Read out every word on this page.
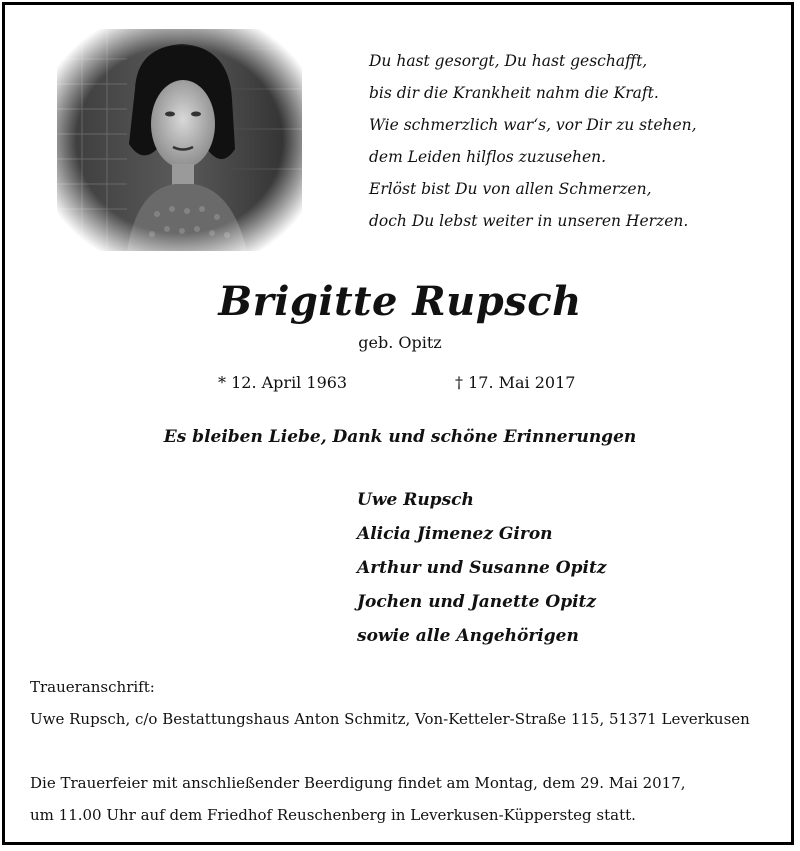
Du hast gesorgt, Du hast geschafft,
bis dir die Krankheit nahm die Kraft.
Wie schmerzlich war‘s, vor Dir zu stehen,
dem Leiden hilflos zuzusehen.
Erlöst bist Du von allen Schmerzen,
doch Du lebst weiter in unseren Herzen.
Brigitte Rupsch
geb. Opitz
* 12. April 1963	† 17. Mai 2017
Es bleiben Liebe, Dank und schöne Erinnerungen
Uwe Rupsch
Alicia Jimenez Giron
Arthur und Susanne Opitz
Jochen und Janette Opitz
sowie alle Angehörigen
Traueranschrift:
Uwe Rupsch, c/o Bestattungshaus Anton Schmitz, Von-Ketteler-Straße 115, 51371 Leverkusen
Die Trauerfeier mit anschließender Beerdigung findet am Montag, dem 29. Mai 2017,
um 11.00 Uhr auf dem Friedhof Reuschenberg in Leverkusen-Küppersteg statt.
